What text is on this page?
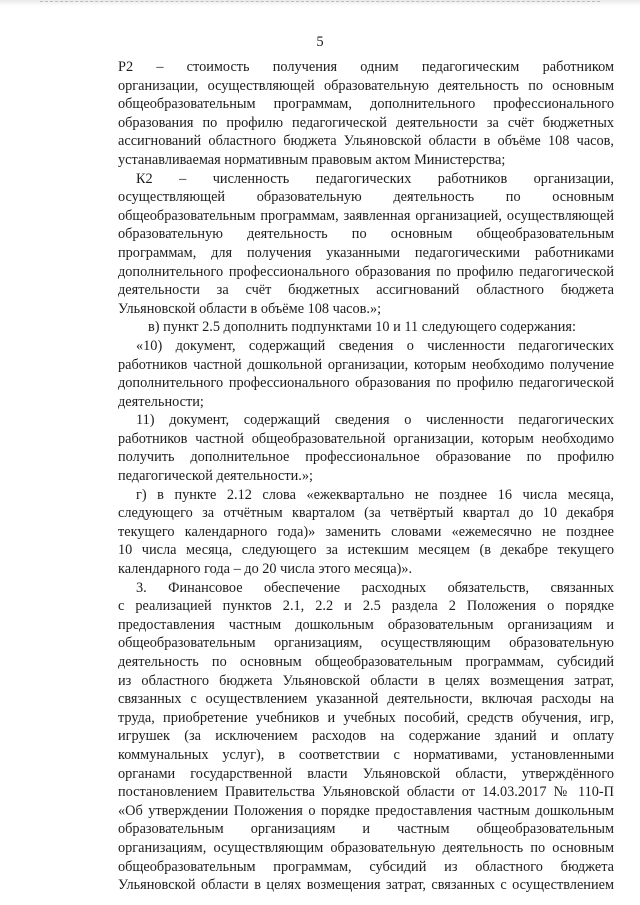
5
Р2 – стоимость получения одним педагогическим работником
организации, осуществляющей образовательную деятельность по основным
общеобразовательным программам, дополнительного профессионального
образования по профилю педагогической деятельности за счёт бюджетных
ассигнований областного бюджета Ульяновской области в объёме 108 часов,
устанавливаемая нормативным правовым актом Министерства;
К2 – численность педагогических работников организации,
осуществляющей образовательную деятельность по основным
общеобразовательным программам, заявленная организацией, осуществляющей
образовательную деятельность по основным общеобразовательным
программам, для получения указанными педагогическими работниками
дополнительного профессионального образования по профилю педагогической
деятельности за счёт бюджетных ассигнований областного бюджета
Ульяновской области в объёме 108 часов.»;
в) пункт 2.5 дополнить подпунктами 10 и 11 следующего содержания:
«10) документ, содержащий сведения о численности педагогических
работников частной дошкольной организации, которым необходимо получение
дополнительного профессионального образования по профилю педагогической
деятельности;
11) документ, содержащий сведения о численности педагогических
работников частной общеобразовательной организации, которым необходимо
получить дополнительное профессиональное образование по профилю
педагогической деятельности.»;
г) в пункте 2.12 слова «ежеквартально не позднее 16 числа месяца,
следующего за отчётным кварталом (за четвёртый квартал до 10 декабря
текущего календарного года)» заменить словами «ежемесячно не позднее
10 числа месяца, следующего за истекшим месяцем (в декабре текущего
календарного года – до 20 числа этого месяца)».
3. Финансовое обеспечение расходных обязательств, связанных
с реализацией пунктов 2.1, 2.2 и 2.5 раздела 2 Положения о порядке
предоставления частным дошкольным образовательным организациям и
общеобразовательным организациям, осуществляющим образовательную
деятельность по основным общеобразовательным программам, субсидий
из областного бюджета Ульяновской области в целях возмещения затрат,
связанных с осуществлением указанной деятельности, включая расходы на
труда, приобретение учебников и учебных пособий, средств обучения, игр,
игрушек (за исключением расходов на содержание зданий и оплату
коммунальных услуг), в соответствии с нормативами, установленными
органами государственной власти Ульяновской области, утверждённого
постановлением Правительства Ульяновской области от 14.03.2017 № 110-П
«Об утверждении Положения о порядке предоставления частным дошкольным
образовательным организациям и частным общеобразовательным
организациям, осуществляющим образовательную деятельность по основным
общеобразовательным программам, субсидий из областного бюджета
Ульяновской области в целях возмещения затрат, связанных с осуществлением
